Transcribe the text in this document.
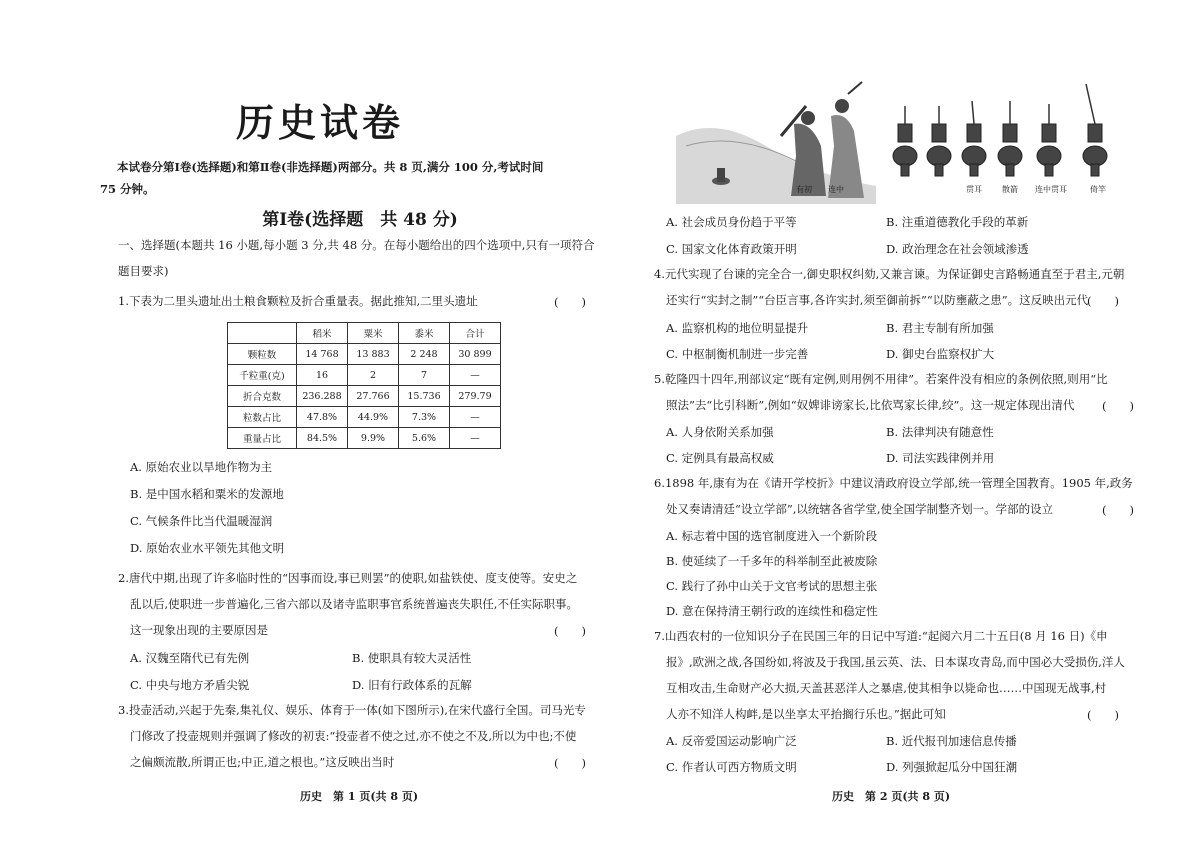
历史试卷
本试卷分第Ⅰ卷(选择题)和第Ⅱ卷(非选择题)两部分。共 8 页,满分 100 分,考试时间
75 分钟。
第Ⅰ卷(选择题　共 48 分)
一、选择题(本题共 16 小题,每小题 3 分,共 48 分。在每小题给出的四个选项中,只有一项符合
题目要求)
1.下表为二里头遗址出土粮食颗粒及折合重量表。据此推知,二里头遗址	(　　)
	稻米	粟米	黍米	合计
颗粒数	14 768	13 883	2 248	30 899
千粒重(克)	16	2	7	—
折合克数	236.288	27.766	15.736	279.79
粒数占比	47.8%	44.9%	7.3%	—
重量占比	84.5%	9.9%	5.6%	—
A. 原始农业以旱地作物为主
B. 是中国水稻和粟米的发源地
C. 气候条件比当代温暖湿润
D. 原始农业水平领先其他文明
2.唐代中期,出现了许多临时性的“因事而设,事已则罢”的使职,如盐铁使、度支使等。安史之
乱以后,使职进一步普遍化,三省六部以及诸寺监职事官系统普遍丧失职任,不任实际职事。
这一现象出现的主要原因是	(　　)
A. 汉魏至隋代已有先例	B. 使职具有较大灵活性
C. 中央与地方矛盾尖锐	D. 旧有行政体系的瓦解
3.投壶活动,兴起于先秦,集礼仪、娱乐、体育于一体(如下图所示),在宋代盛行全国。司马光专
门修改了投壶规则并强调了修改的初衷:“投壶者不使之过,亦不使之不及,所以为中也;不使
之偏颇流散,所谓正也;中正,道之根也。”这反映出当时	(　　)
历史　第 1 页(共 8 页)
有初 连中	贯耳	散箭 连中贯耳	倚竿
A. 社会成员身份趋于平等	B. 注重道德教化手段的革新
C. 国家文化体育政策开明	D. 政治理念在社会领域渗透
4.元代实现了台谏的完全合一,御史职权纠劾,又兼言谏。为保证御史言路畅通直至于君主,元朝
还实行“实封之制”“台臣言事,各许实封,须至御前拆”“以防壅蔽之患”。这反映出元代
(　　)
A. 监察机构的地位明显提升	B. 君主专制有所加强
C. 中枢制衡机制进一步完善	D. 御史台监察权扩大
5.乾隆四十四年,刑部议定“既有定例,则用例不用律”。若案件没有相应的条例依照,则用“比
照法”去“比引科断”,例如“奴婢诽谤家长,比依骂家长律,绞”。这一规定体现出清代 (　　)
A. 人身依附关系加强	B. 法律判决有随意性
C. 定例具有最高权威	D. 司法实践律例并用
6.1898 年,康有为在《请开学校折》中建议清政府设立学部,统一管理全国教育。1905 年,政务
处又奏请清廷“设立学部”,以统辖各省学堂,使全国学制整齐划一。学部的设立	(　　)
A. 标志着中国的选官制度进入一个新阶段
B. 使延续了一千多年的科举制至此被废除
C. 践行了孙中山关于文官考试的思想主张
D. 意在保持清王朝行政的连续性和稳定性
7.山西农村的一位知识分子在民国三年的日记中写道:“起阅六月二十五日(8 月 16 日)《申
报》,欧洲之战,各国纷如,将波及于我国,虽云英、法、日本谋攻青岛,而中国必大受损伤,洋人
互相攻击,生命财产必大损,天盖甚恶洋人之暴虐,使其相争以毙命也……中国现无战事,村
人亦不知洋人构衅,是以坐享太平抬搁行乐也。”据此可知	(　　)
A. 反帝爱国运动影响广泛	B. 近代报刊加速信息传播
C. 作者认可西方物质文明	D. 列强掀起瓜分中国狂潮
历史　第 2 页(共 8 页)
